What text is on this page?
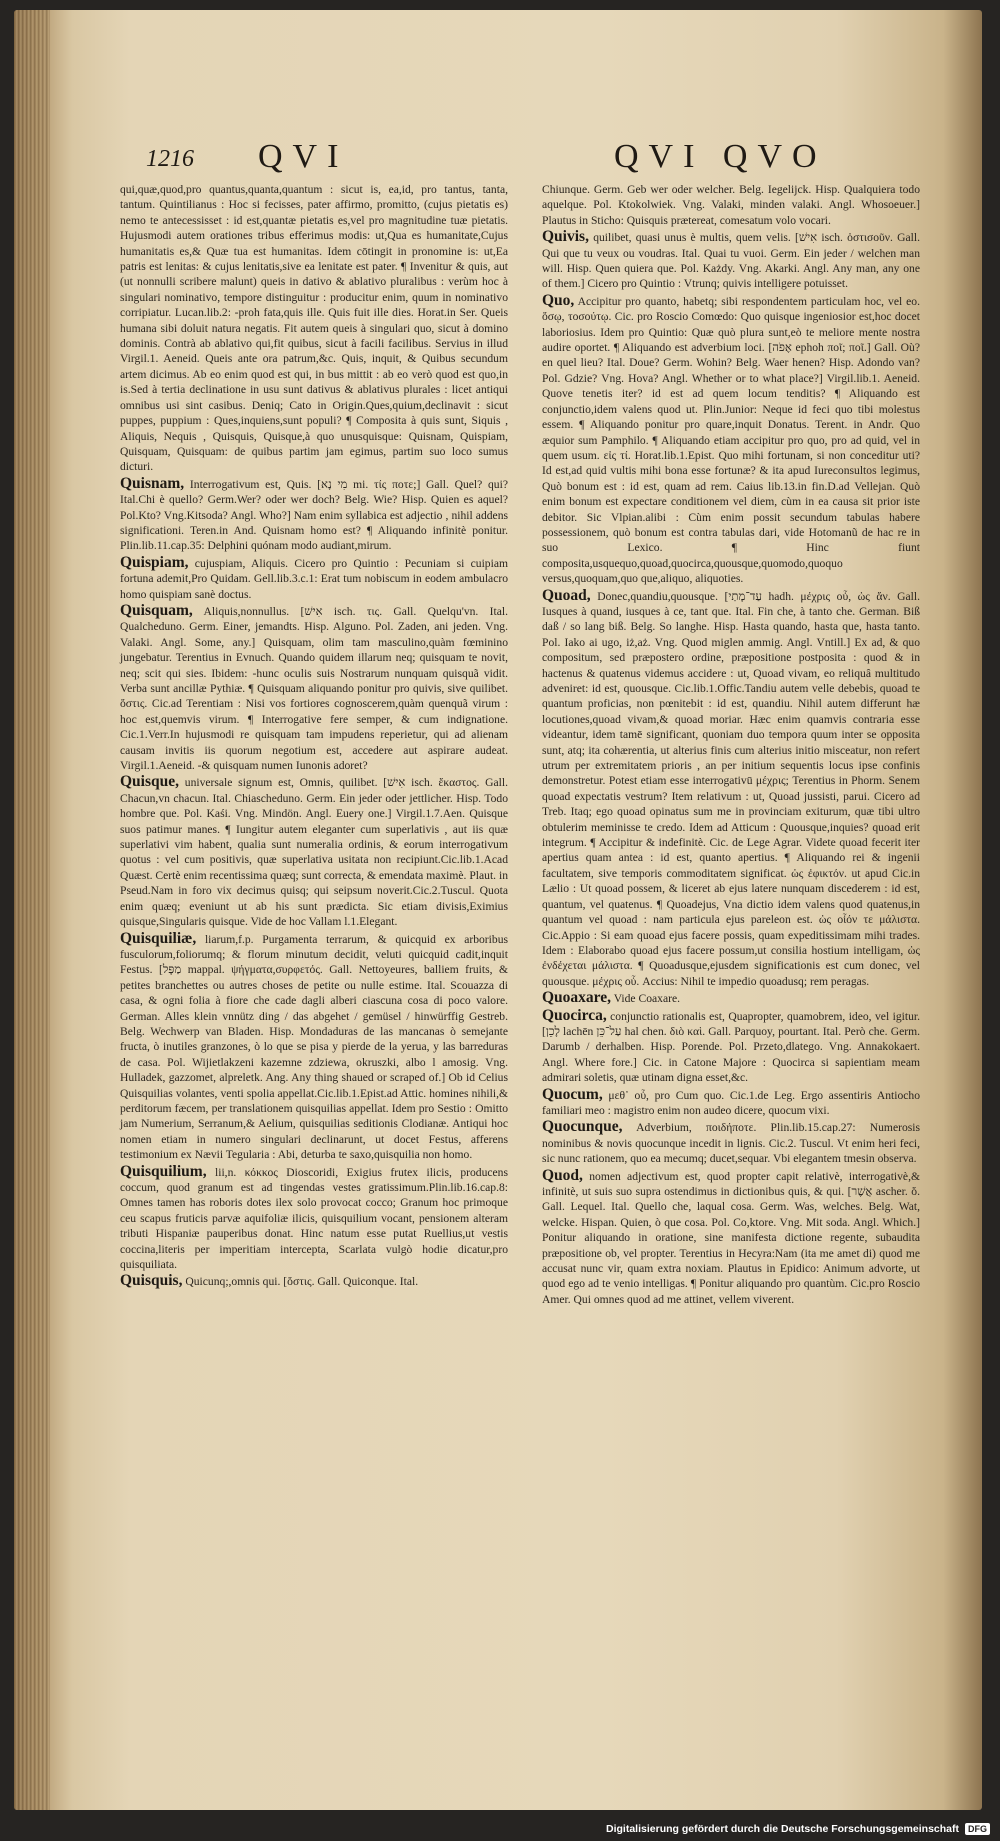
1216 QVI	QVI QVO
qui,quæ,quod,pro quantus,quanta,quantum : sicut is, ea,id, pro tantus, tanta, tantum. Quintilianus : Hoc si fecisses, pater affirmo, promitto, (cujus pietatis es) nemo te antecessisset : id est,quantæ pietatis es,vel pro magnitudine tuæ pietatis. Hujusmodi autem orationes tribus efferimus modis: ut,Qua es humanitate,Cujus humanitatis es,& Quæ tua est humanitas. Idem cōtingit in pronomine is: ut,Ea patris est lenitas: & cujus lenitatis,sive ea lenitate est pater. ¶ Invenitur & quis, aut (ut nonnulli scribere malunt) queis in dativo & ablativo pluralibus : verùm hoc à singulari nominativo, tempore distinguitur : producitur enim, quum in nominativo corripiatur. Lucan.lib.2: -proh fata,quis ille. Quis fuit ille dies. Horat.in Ser. Queis humana sibi doluit natura negatis. Fit autem queis à singulari quo, sicut à domino dominis. Contrà ab ablativo qui,fit quibus, sicut à facili facilibus. Servius in illud Virgil.1. Aeneid. Queis ante ora patrum,&c. Quis, inquit, & Quibus secundum artem dicimus. Ab eo enim quod est qui, in bus mittit : ab eo verò quod est quo,in is.Sed à tertia declinatione in usu sunt dativus & ablativus plurales : licet antiqui omnibus usi sint casibus. Deniq; Cato in Origin.Ques,quium,declinavit : sicut puppes, puppium : Ques,inquiens,sunt populi? ¶ Composita à quis sunt, Siquis , Aliquis, Nequis , Quisquis, Quisque,à quo unusquisque: Quisnam, Quispiam, Quisquam, Quisquam: de quibus partim jam egimus, partim suo loco sumus dicturi.
Quisnam, Interrogativum est, Quis. [מִי נָא mi. τίς ποτε;] Gall. Quel? qui? Ital.Chi è quello? Germ.Wer? oder wer doch? Belg. Wie? Hisp. Quien es aquel? Pol.Kto? Vng.Kitsoda? Angl. Who?] Nam enim syllabica est adjectio , nihil addens significationi. Teren.in And. Quisnam homo est? ¶ Aliquando infinitè ponitur. Plin.lib.11.cap.35: Delphini quónam modo audiant,mirum.
Quispiam, cujuspiam, Aliquis. Cicero pro Quintio : Pecuniam si cuipiam fortuna ademit,Pro Quidam. Gell.lib.3.c.1: Erat tum nobiscum in eodem ambulacro homo quispiam sanè doctus.
Quisquam, Aliquis,nonnullus. [אִישׁ isch. τις. Gall. Quelqu'vn. Ital. Qualcheduno. Germ. Einer, jemandts. Hisp. Alguno. Pol. Zaden, ani jeden. Vng. Valaki. Angl. Some, any.] Quisquam, olim tam masculino,quàm fœminino jungebatur. Terentius in Evnuch. Quando quidem illarum neq; quisquam te novit, neq; scit qui sies. Ibidem: -hunc oculis suis Nostrarum nunquam quisquã vidit. Verba sunt ancillæ Pythiæ. ¶ Quisquam aliquando ponitur pro quivis, sive quilibet. ὅστις. Cic.ad Terentiam : Nisi vos fortiores cognoscerem,quàm quenquã virum : hoc est,quemvis virum. ¶ Interrogative fere semper, & cum indignatione. Cic.1.Verr.In hujusmodi re quisquam tam impudens reperietur, qui ad alienam causam invitis iis quorum negotium est, accedere aut aspirare audeat. Virgil.1.Aeneid. -& quisquam numen Iunonis adoret?
Quisque, universale signum est, Omnis, quilibet. [אִישׁ isch. ἕκαστος. Gall. Chacun,vn chacun. Ital. Chiascheduno. Germ. Ein jeder oder jettlicher. Hisp. Todo hombre que. Pol. Kaśi. Vng. Mindön. Angl. Euery one.] Virgil.1.7.Aen. Quisque suos patimur manes. ¶ Iungitur autem eleganter cum superlativis , aut iis quæ superlativi vim habent, qualia sunt numeralia ordinis, & eorum interrogativum quotus : vel cum positivis, quæ superlativa usitata non recipiunt.Cic.lib.1.Acad Quæst. Certè enim recentissima quæq; sunt correcta, & emendata maximè. Plaut. in Pseud.Nam in foro vix decimus quisq; qui seipsum noverit.Cic.2.Tuscul. Quota enim quæq; eveniunt ut ab his sunt prædicta. Sic etiam divisis,Eximius quisque,Singularis quisque. Vide de hoc Vallam l.1.Elegant.
Quisquiliæ, liarum,f.p. Purgamenta terrarum, & quicquid ex arboribus fusculorum,foliorumq; & florum minutum decidit, veluti quicquid cadit,inquit Festus. [מַפָּל mappal. ψήγματα,συρφετός. Gall. Nettoyeures, balliem fruits, & petites branchettes ou autres choses de petite ou nulle estime. Ital. Scouazza di casa, & ogni folia à fiore che cade dagli alberi ciascuna cosa di poco valore. German. Alles klein vnnütz ding / das abgehet / gemüsel / hinwürffig Gestreb. Belg. Wechwerp van Bladen. Hisp. Mondaduras de las mancanas ò semejante fructa, ò inutiles granzones, ò lo que se pisa y pierde de la yerua, y las barreduras de casa. Pol. Wijietlakzeni kazemne zdziewa, okruszki, albo l amosig. Vng. Hulladek, gazzomet, alpreletk. Ang. Any thing shaued or scraped of.] Ob id Celius Quisquilias volantes, venti spolia appellat.Cic.lib.1.Epist.ad Attic. homines nihili,& perditorum fæcem, per translationem quisquilias appellat. Idem pro Sestio : Omitto jam Numerium, Serranum,& Aelium, quisquilias seditionis Clodianæ. Antiqui hoc nomen etiam in numero singulari declinarunt, ut docet Festus, afferens testimonium ex Nævii Tegularia : Abi, deturba te saxo,quisquilia non homo.
Quisquilium, lii,n. κόκκος Dioscoridi, Exigius frutex ilicis, producens coccum, quod granum est ad tingendas vestes gratissimum.Plin.lib.16.cap.8: Omnes tamen has roboris dotes ilex solo provocat cocco; Granum hoc primoque ceu scapus fruticis parvæ aquifoliæ ilicis, quisquilium vocant, pensionem alteram tributi Hispaniæ pauperibus donat. Hinc natum esse putat Ruellius,ut vestis coccina,literis per imperitiam intercepta, Scarlata vulgò hodie dicatur,pro quisquiliata.
Quisquis, Quicunq;,omnis qui. [ὅστις. Gall. Quiconque. Ital.
Chiunque. Germ. Geb wer oder welcher. Belg. Iegelijck. Hisp. Qualquiera todo aquelque. Pol. Ktokolwiek. Vng. Valaki, minden valaki. Angl. Whosoeuer.] Plautus in Sticho: Quisquis prætereat, comesatum volo vocari.
Quivis, quilibet, quasi unus è multis, quem velis. [אִישׁ isch. ὁστισοῦν. Gall. Qui que tu veux ou voudras. Ital. Quai tu vuoi. Germ. Ein jeder / welchen man will. Hisp. Quen quiera que. Pol. Każdy. Vng. Akarki. Angl. Any man, any one of them.] Cicero pro Quintio : Vtrunq; quivis intelligere potuisset.
Quo, Accipitur pro quanto, habetq; sibi respondentem particulam hoc, vel eo. ὅσῳ, τοσούτῳ. Cic. pro Roscio Comœdo: Quo quisque ingeniosior est,hoc docet laboriosius. Idem pro Quintio: Quæ quò plura sunt,eò te meliore mente nostra audire oportet. ¶ Aliquando est adverbium loci. [אֶפֹה ephoh ποῖ; ποῖ.] Gall. Où? en quel lieu? Ital. Doue? Germ. Wohin? Belg. Waer henen? Hisp. Adondo van? Pol. Gdzie? Vng. Hova? Angl. Whether or to what place?] Virgil.lib.1. Aeneid. Quove tenetis iter? id est ad quem locum tenditis? ¶ Aliquando est conjunctio,idem valens quod ut. Plin.Junior: Neque id feci quo tibi molestus essem. ¶ Aliquando ponitur pro quare,inquit Donatus. Terent. in Andr. Quo æquior sum Pamphilo. ¶ Aliquando etiam accipitur pro quo, pro ad quid, vel in quem usum. εἰς τί. Horat.lib.1.Epist. Quo mihi fortunam, si non conceditur uti? Id est,ad quid vultis mihi bona esse fortunæ? & ita apud Iureconsultos legimus, Quò bonum est : id est, quam ad rem. Caius lib.13.in fin.D.ad Vellejan. Quò enim bonum est expectare conditionem vel diem, cùm in ea causa sit prior iste debitor. Sic Vlpian.alibi : Cùm enim possit secundum tabulas habere possessionem, quò bonum est contra tabulas dari, vide Hotomanũ de hac re in suo Lexico. ¶ Hinc fiunt composita,usquequo,quoad,quocirca,quousque,quomodo,quoquo versus,quoquam,quo que,aliquo, aliquoties.
Quoad, Donec,quandiu,quousque. [עַד־מָתַי hadh. μέχρις οὗ, ὡς ἄν. Gall. Iusques à quand, iusques à ce, tant que. Ital. Fin che, à tanto che. German. Biß daß / so lang biß. Belg. So langhe. Hisp. Hasta quando, hasta que, hasta tanto. Pol. Iako ai ugo, iż,aż. Vng. Quod miglen ammig. Angl. Vntill.] Ex ad, & quo compositum, sed præpostero ordine, præpositione postposita : quod & in hactenus & quatenus videmus accidere : ut, Quoad vivam, eo reliquâ multitudo adveniret: id est, quousque. Cic.lib.1.Offic.Tandiu autem velle debebis, quoad te quantum proficias, non pœnitebit : id est, quandiu. Nihil autem differunt hæ locutiones,quoad vivam,& quoad moriar. Hæc enim quamvis contraria esse videantur, idem tamē significant, quoniam duo tempora quum inter se opposita sunt, atq; ita cohærentia, ut alterius finis cum alterius initio misceatur, non refert utrum per extremitatem prioris , an per initium sequentis locus ipse confinis demonstretur. Potest etiam esse interrogativū μέχρις; Terentius in Phorm. Senem quoad expectatis vestrum? Item relativum : ut, Quoad jussisti, parui. Cicero ad Treb. Itaq; ego quoad opinatus sum me in provinciam exiturum, quæ tibi ultro obtulerim meminisse te credo. Idem ad Atticum : Quousque,inquies? quoad erit integrum. ¶ Accipitur & indefinitè. Cic. de Lege Agrar. Videte quoad fecerit iter apertius quam antea : id est, quanto apertius. ¶ Aliquando rei & ingenii facultatem, sive temporis commoditatem significat. ὡς ἐφικτόν. ut apud Cic.in Lælio : Ut quoad possem, & liceret ab ejus latere nunquam discederem : id est, quantum, vel quatenus. ¶ Quoadejus, Vna dictio idem valens quod quatenus,in quantum vel quoad : nam particula ejus pareleon est. ὡς οἷόν τε μάλιστα. Cic.Appio : Si eam quoad ejus facere possis, quam expeditissimam mihi trades. Idem : Elaborabo quoad ejus facere possum,ut consilia hostium intelligam, ὡς ἐνδέχεται μάλιστα. ¶ Quoadusque,ejusdem significationis est cum donec, vel quousque. μέχρις οὗ. Accius: Nihil te impedio quoadusq; rem peragas.
Quoaxare, Vide Coaxare.
Quocirca, conjunctio rationalis est, Quapropter, quamobrem, ideo, vel igitur. [לָכֵן lachēn עַל־כֵּן hal chen. διὸ καὶ. Gall. Parquoy, pourtant. Ital. Però che. Germ. Darumb / derhalben. Hisp. Porende. Pol. Przeto,dlatego. Vng. Annakokaert. Angl. Where fore.] Cic. in Catone Majore : Quocirca si sapientiam meam admirari soletis, quæ utinam digna esset,&c.
Quocum, μεθ᾿ οὗ, pro Cum quo. Cic.1.de Leg. Ergo assentiris Antiocho familiari meo : magistro enim non audeo dicere, quocum vixi.
Quocunque, Adverbium, ποιδήποτε. Plin.lib.15.cap.27: Numerosis nominibus & novis quocunque incedit in lignis. Cic.2. Tuscul. Vt enim heri feci, sic nunc rationem, quo ea mecumq; ducet,sequar. Vbi elegantem tmesin observa.
Quod, nomen adjectivum est, quod propter capit relativè, interrogativè,& infinitè, ut suis suo supra ostendimus in dictionibus quis, & qui. [אֲשֶׁר ascher. ὅ. Gall. Lequel. Ital. Quello che, laqual cosa. Germ. Was, welches. Belg. Wat, welcke. Hispan. Quien, ò que cosa. Pol. Co,ktore. Vng. Mit soda. Angl. Which.] Ponitur aliquando in oratione, sine manifesta dictione regente, subaudita præpositione ob, vel propter. Terentius in Hecyra:Nam (ita me amet di) quod me accusat nunc vir, quam extra noxiam. Plautus in Epidico: Animum advorte, ut quod ego ad te venio intelligas. ¶ Ponitur aliquando pro quantùm. Cic.pro Roscio Amer. Qui omnes quod ad me attinet, vellem viverent.
Digitalisierung gefördert durch die Deutsche Forschungsgemeinschaft	DFG
